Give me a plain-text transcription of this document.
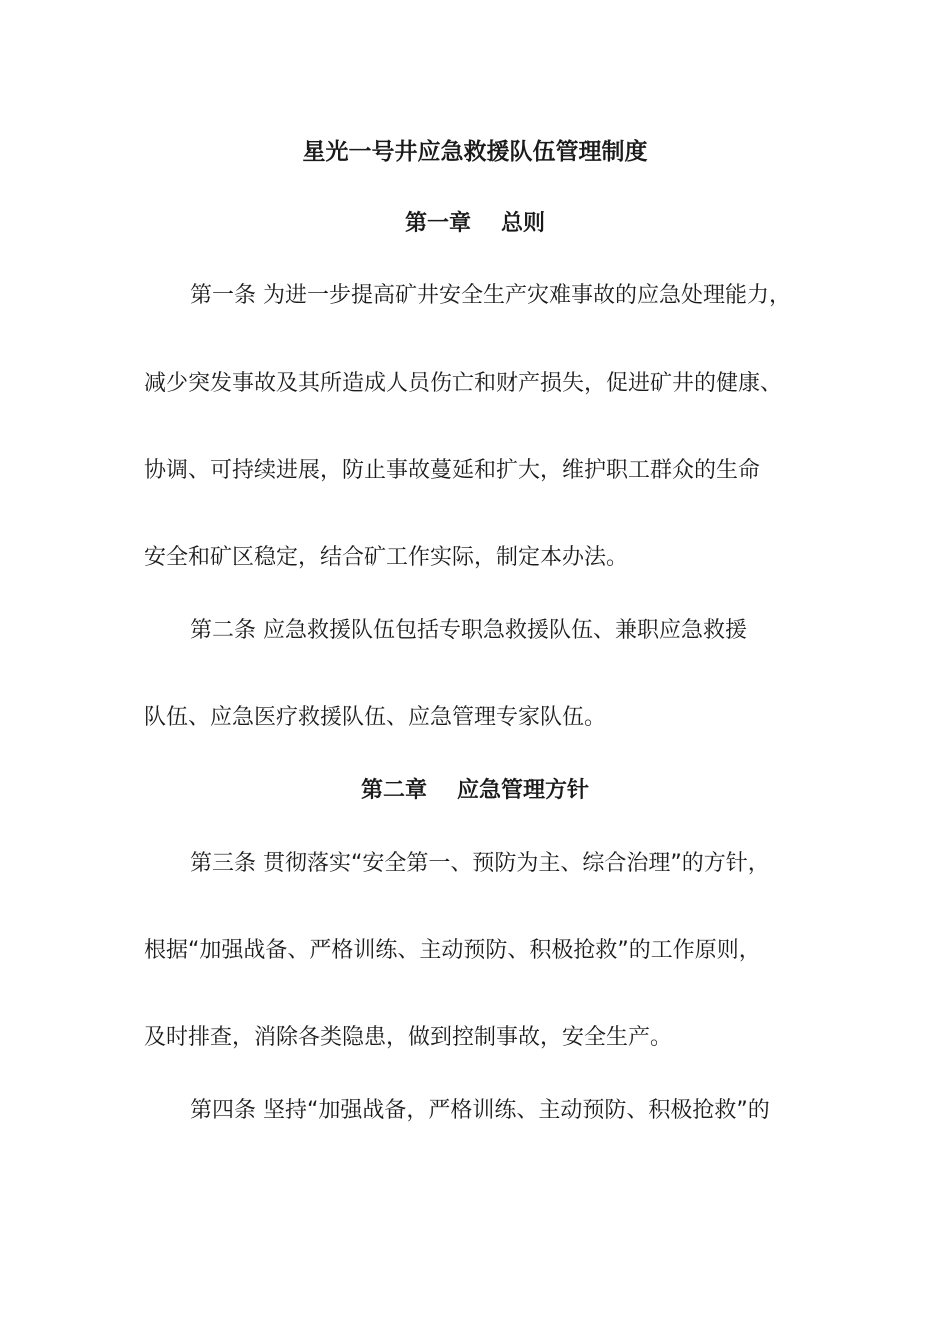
星光一号井应急救援队伍管理制度
第一章 总则
第一条 为进一步提高矿井安全生产灾难事故的应急处理能力，
减少突发事故及其所造成人员伤亡和财产损失，促进矿井的健康、
协调、可持续进展，防止事故蔓延和扩大，维护职工群众的生命
安全和矿区稳定，结合矿工作实际，制定本办法。
第二条 应急救援队伍包括专职急救援队伍、兼职应急救援
队伍、应急医疗救援队伍、应急管理专家队伍。
第二章 应急管理方针
第三条 贯彻落实“安全第一、预防为主、综合治理”的方针，
根据“加强战备、严格训练、主动预防、积极抢救”的工作原则，
及时排查，消除各类隐患，做到控制事故，安全生产。
第四条 坚持“加强战备，严格训练、主动预防、积极抢救”的
